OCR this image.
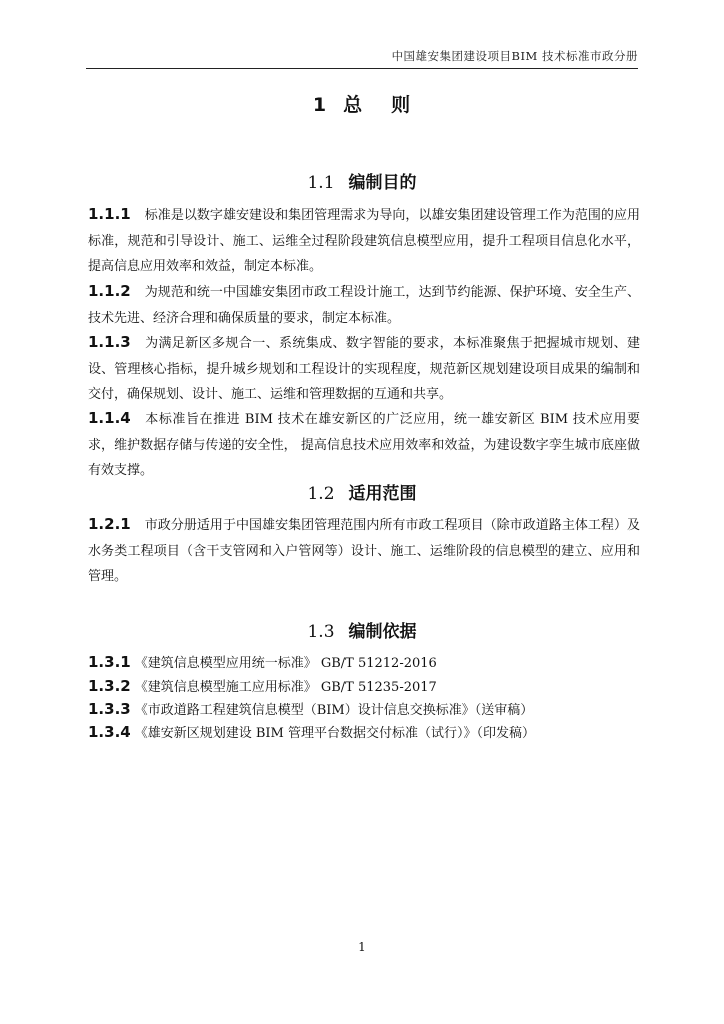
中国雄安集团建设项目BIM 技术标准市政分册
1 总 则
1.1 编制目的
1.1.1 标准是以数字雄安建设和集团管理需求为导向，以雄安集团建设管理工作为范围的应用标准，规范和引导设计、施工、运维全过程阶段建筑信息模型应用，提升工程项目信息化水平，提高信息应用效率和效益，制定本标准。
1.1.2 为规范和统一中国雄安集团市政工程设计施工，达到节约能源、保护环境、安全生产、技术先进、经济合理和确保质量的要求，制定本标准。
1.1.3 为满足新区多规合一、系统集成、数字智能的要求，本标准聚焦于把握城市规划、建设、管理核心指标，提升城乡规划和工程设计的实现程度，规范新区规划建设项目成果的编制和交付，确保规划、设计、施工、运维和管理数据的互通和共享。
1.1.4 本标准旨在推进 BIM 技术在雄安新区的广泛应用，统一雄安新区 BIM 技术应用要求，维护数据存储与传递的安全性， 提高信息技术应用效率和效益，为建设数字孪生城市底座做有效支撑。
1.2 适用范围
1.2.1 市政分册适用于中国雄安集团管理范围内所有市政工程项目（除市政道路主体工程）及水务类工程项目（含干支管网和入户管网等）设计、施工、运维阶段的信息模型的建立、应用和管理。
1.3 编制依据
1.3.1 《建筑信息模型应用统一标准》 GB/T 51212-2016
1.3.2 《建筑信息模型施工应用标准》 GB/T 51235-2017
1.3.3 《市政道路工程建筑信息模型（BIM）设计信息交换标准》（送审稿）
1.3.4 《雄安新区规划建设 BIM 管理平台数据交付标准（试行）》（印发稿）
1
